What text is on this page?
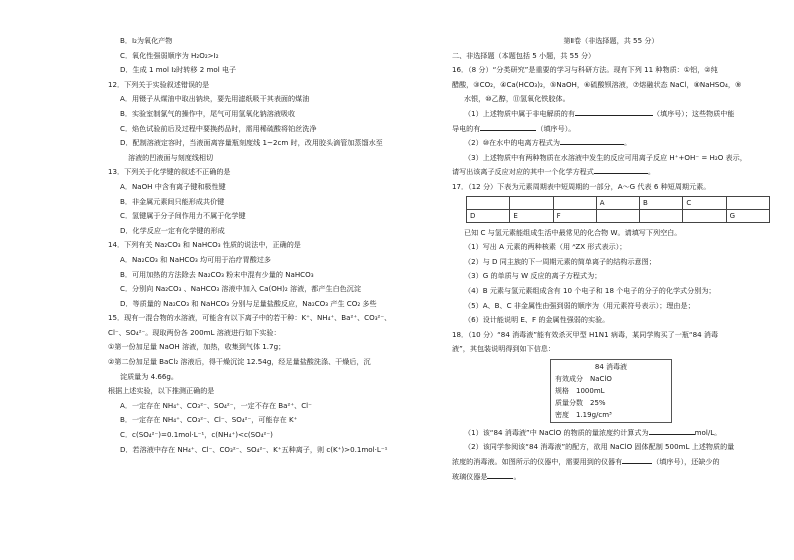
B．I₂为氧化产物
C．氧化性强弱顺序为 H₂O₂>I₂
D．生成 1 mol I₂时转移 2 mol 电子
12．下列关于实验叙述错误的是
A．用镊子从煤油中取出钠块，要先用滤纸吸干其表面的煤油
B．实验室制氯气的操作中，尾气可用氢氧化钠溶液吸收
C．焰色试验前后及过程中要换药品时，需用稀硫酸将铂丝洗净
D．配制溶液定容时，当液面离容量瓶刻度线 1~2cm 时，改用胶头滴管加蒸馏水至
溶液的凹液面与刻度线相切
13．下列关于化学键的叙述不正确的是
A．NaOH 中含有离子键和极性键
B．非金属元素间只能形成共价键
C．氢键属于分子间作用力不属于化学键
D．化学反应一定有化学键的形成
14．下列有关 Na₂CO₃ 和 NaHCO₃ 性质的说法中，正确的是
A．Na₂CO₃ 和 NaHCO₃ 均可用于治疗胃酸过多
B．可用加热的方法除去 Na₂CO₃ 粉末中混有少量的 NaHCO₃
C．分别向 Na₂CO₃ 、NaHCO₃ 溶液中加入 Ca(OH)₂ 溶液，都产生白色沉淀
D．等质量的 Na₂CO₃ 和 NaHCO₃ 分别与足量盐酸反应，Na₂CO₃ 产生 CO₂ 多些
15．现有一混合物的水溶液，可能含有以下离子中的若干种：K⁺、NH₄⁺、Ba²⁺、CO₃²⁻、
Cl⁻、SO₄²⁻。现取两份各 200mL 溶液进行如下实验：
①第一份加足量 NaOH 溶液，加热，收集到气体 1.7g；
②第二份加足量 BaCl₂ 溶液后，得干燥沉淀 12.54g，经足量盐酸洗涤、干燥后，沉
淀质量为 4.66g。
根据上述实验，以下推测正确的是
A．一定存在 NH₄⁺、CO₃²⁻、SO₄²⁻，一定不存在 Ba²⁺、Cl⁻
B．一定存在 NH₄⁺、CO₃²⁻、Cl⁻、SO₄²⁻，可能存在 K⁺
C．c(SO₄²⁻)=0.1mol·L⁻¹，c(NH₄⁺)<c(SO₄²⁻)
D．若溶液中存在 NH₄⁺、Cl⁻、CO₃²⁻、SO₄²⁻、K⁺五种离子，则 c(K⁺)>0.1mol·L⁻¹
第Ⅱ卷（非选择题，共 55 分）
二、非选择题（本题包括 5 小题，共 55 分）
16．（8 分）“分类研究”是重要的学习与科研方法。现有下列 11 种物质：①铝，②纯
醋酸，③CO₂，④Ca(HCO₃)₂，⑤NaOH，⑥硫酸钡溶液，⑦熔融状态 NaCl，⑧NaHSO₄，⑨
水银，⑩乙醇，⑪氢氧化铁胶体。
（1）上述物质中属于非电解质的有	（填序号）；这些物质中能
导电的有	（填序号）。
（2）⑩在水中的电离方程式为	。
（3）上述物质中有两种物质在水溶液中发生的反应可用离子反应 H⁺+OH⁻ = H₂O 表示，
请写出该离子反应对应的其中一个化学方程式	。
17．（12 分）下表为元素周期表中短周期的一部分，A～G 代表 6 种短周期元素。
			A	B	C	
D	E	F				G
已知 C 与氢元素能组成生活中最常见的化合物 W。请填写下列空白。
（1）写出 A 元素的两种核素（用 ᴬZX 形式表示）；
（2）与 D 同主族的下一周期元素的简单离子的结构示意图；
（3）G 的单质与 W 反应的离子方程式为；
（4）B 元素与氢元素组成含有 10 个电子和 18 个电子的分子的化学式分别为；
（5）A、B、C 非金属性由强到弱的顺序为（用元素符号表示）；理由是；
（6）设计能说明 E、F 的金属性强弱的实验。
18．（10 分）“84 消毒液”能有效杀灭甲型 H1N1 病毒，某同学购买了一瓶“84 消毒
液”，其包装说明得到如下信息：
84 消毒液
有效成分　NaClO
规格　1000mL
质量分数　25%
密度　1.19g/cm³
（1）该“84 消毒液”中 NaClO 的物质的量浓度约计算式为	mol/L。
（2）该同学参阅该“84 消毒液”的配方，欲用 NaClO 固体配制 500mL 上述物质的量
浓度的消毒液。如图所示的仪器中，需要用到的仪器有	（填序号），还缺少的
玻璃仪器是	。
